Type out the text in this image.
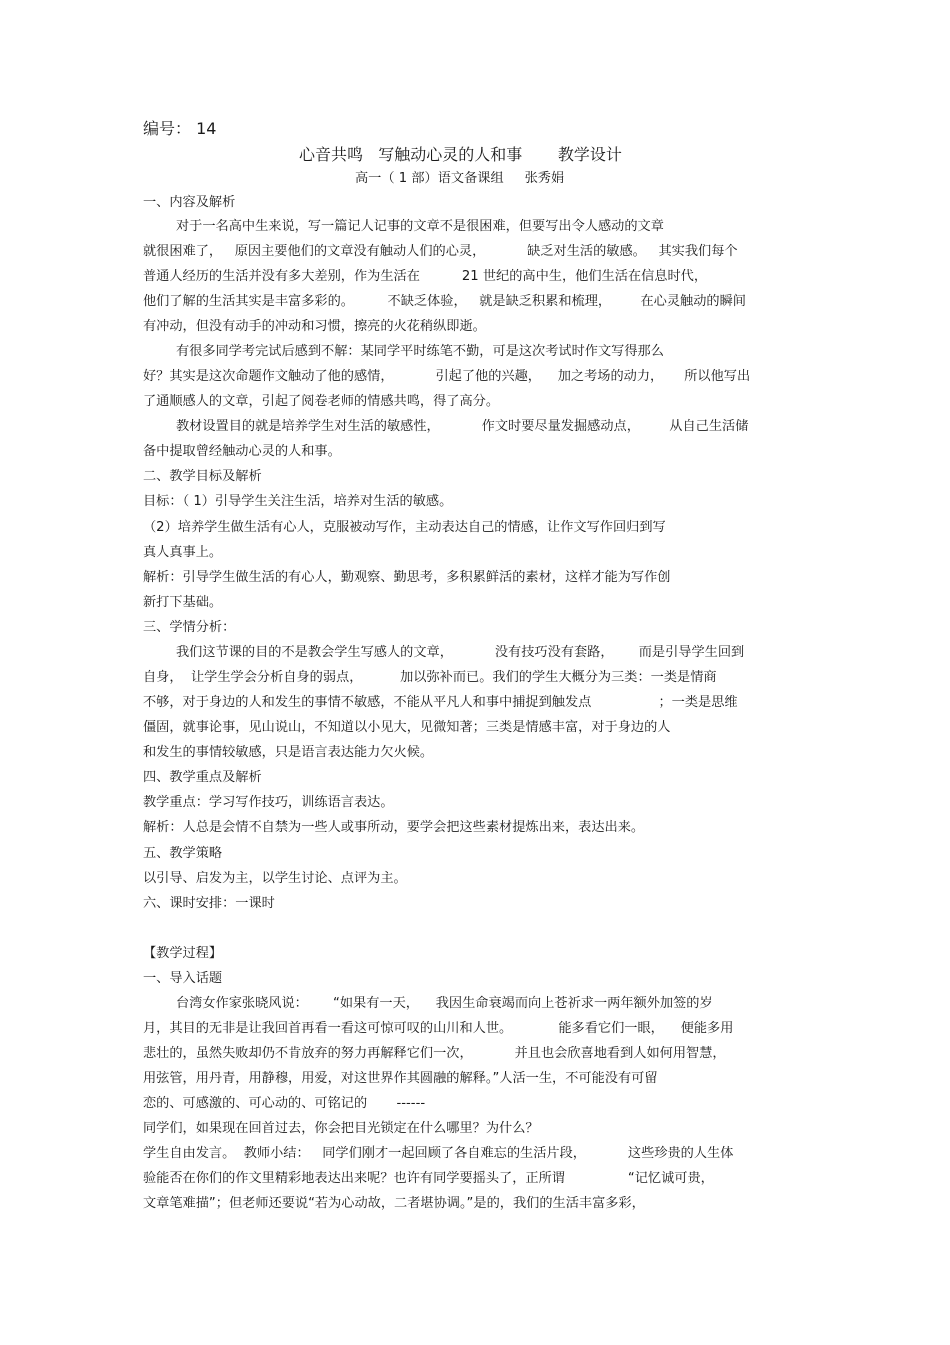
编号： 14
心音共鸣   写触动心灵的人和事       教学设计
高一（ 1 部）语文备课组     张秀娟
一、内容及解析
对于一名高中生来说，写一篇记人记事的文章不是很困难，但要写出令人感动的文章
就很困难了，   原因主要他们的文章没有触动人们的心灵，          缺乏对生活的敏感。   其实我们每个
普通人经历的生活并没有多大差别，作为生活在          21 世纪的高中生，他们生活在信息时代，
他们了解的生活其实是丰富多彩的。        不缺乏体验，   就是缺乏积累和梳理，       在心灵触动的瞬间
有冲动，但没有动手的冲动和习惯，擦亮的火花稍纵即逝。
有很多同学考完试后感到不解：某同学平时练笔不勤，可是这次考试时作文写得那么
好？其实是这次命题作文触动了他的感情，          引起了他的兴趣，    加之考场的动力，     所以他写出
了通顺感人的文章，引起了阅卷老师的情感共鸣，得了高分。
教材设置目的就是培养学生对生活的敏感性，          作文时要尽量发掘感动点，       从自己生活储
备中提取曾经触动心灵的人和事。
二、教学目标及解析
目标：（ 1）引导学生关注生活，培养对生活的敏感。
（2）培养学生做生活有心人，克服被动写作，主动表达自己的情感，让作文写作回归到写
真人真事上。
解析：引导学生做生活的有心人，勤观察、勤思考，多积累鲜活的素材，这样才能为写作创
新打下基础。
三、学情分析：
我们这节课的目的不是教会学生写感人的文章，          没有技巧没有套路，      而是引导学生回到
自身，  让学生学会分析自身的弱点，         加以弥补而已。我们的学生大概分为三类：一类是情商
不够，对于身边的人和发生的事情不敏感，不能从平凡人和事中捕捉到触发点                ；一类是思维
僵固，就事论事，见山说山，不知道以小见大，见微知著；三类是情感丰富，对于身边的人
和发生的事情较敏感，只是语言表达能力欠火候。
四、教学重点及解析
教学重点：学习写作技巧，训练语言表达。
解析：人总是会情不自禁为一些人或事所动，要学会把这些素材提炼出来，表达出来。
五、教学策略
以引导、启发为主，以学生讨论、点评为主。
六、课时安排：一课时
【教学过程】
一、导入话题
台湾女作家张晓风说：      “如果有一天，    我因生命衰竭而向上苍祈求一两年额外加签的岁
月，其目的无非是让我回首再看一看这可惊可叹的山川和人世。           能多看它们一眼，    便能多用
悲壮的，虽然失败却仍不肯放弃的努力再解释它们一次，          并且也会欣喜地看到人如何用智慧，
用弦管，用丹青，用静穆，用爱，对这世界作其圆融的解释。”人活一生，不可能没有可留
恋的、可感激的、可心动的、可铭记的       ------
同学们，如果现在回首过去，你会把目光锁定在什么哪里？为什么？
学生自由发言。  教师小结：   同学们刚才一起回顾了各自难忘的生活片段，          这些珍贵的人生体
验能否在你们的作文里精彩地表达出来呢？也许有同学要摇头了，正所谓               “记忆诚可贵，
文章笔难描”；但老师还要说“若为心动故，二者堪协调。”是的，我们的生活丰富多彩，
